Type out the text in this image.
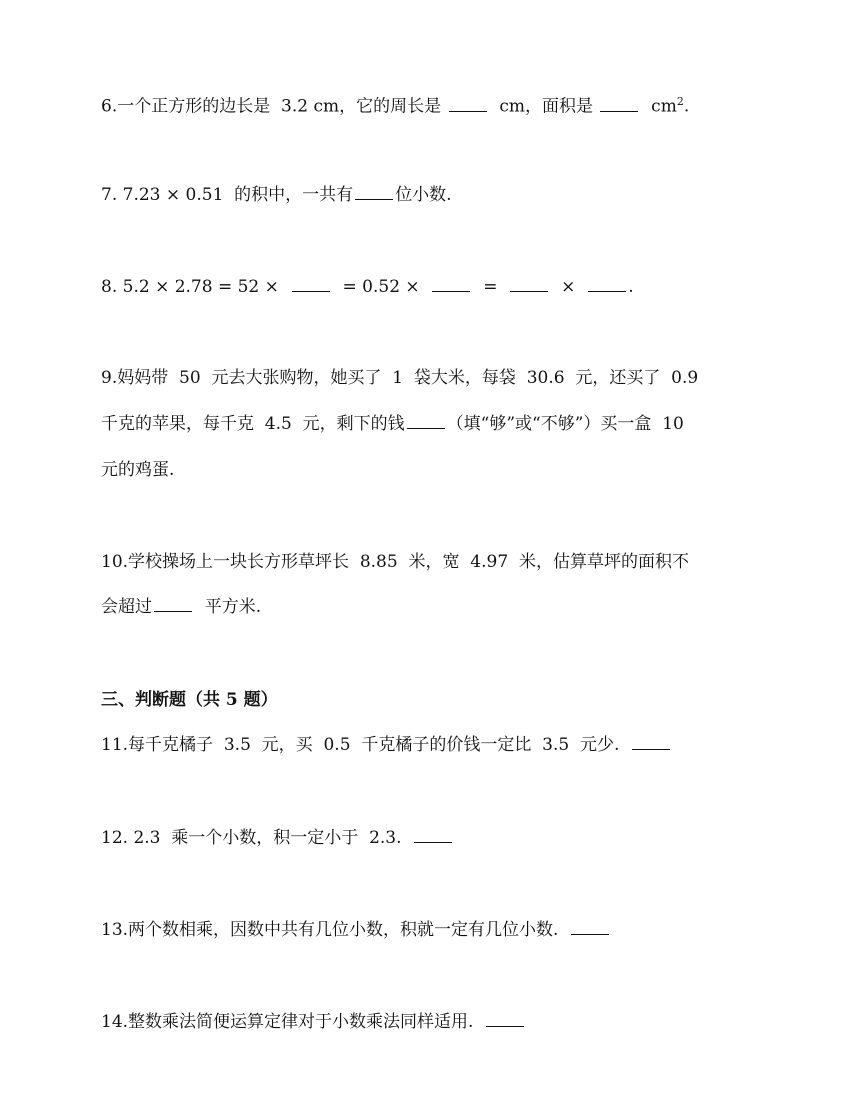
6.一个正方形的边长是  3.2 cm，它的周长是   cm，面积是   $cm^2$.
7. 7.23 × 0.51  的积中，一共有 位小数.
8. 5.2 × 2.78 = 52 ×    = 0.52 ×    =    ×  .
9.妈妈带  50  元去大张购物，她买了  1  袋大米，每袋  30.6  元，还买了  0.9
千克的苹果，每千克  4.5  元，剩下的钱 （填“够”或“不够”）买一盒  10
元的鸡蛋.
10.学校操场上一块长方形草坪长  8.85  米，宽  4.97  米，估算草坪的面积不
会超过  平方米.
三、判断题（共 5 题）
11.每千克橘子  3.5  元，买  0.5  千克橘子的价钱一定比  3.5  元少.
12. 2.3  乘一个小数，积一定小于  2.3.
13.两个数相乘，因数中共有几位小数，积就一定有几位小数.
14.整数乘法简便运算定律对于小数乘法同样适用.
